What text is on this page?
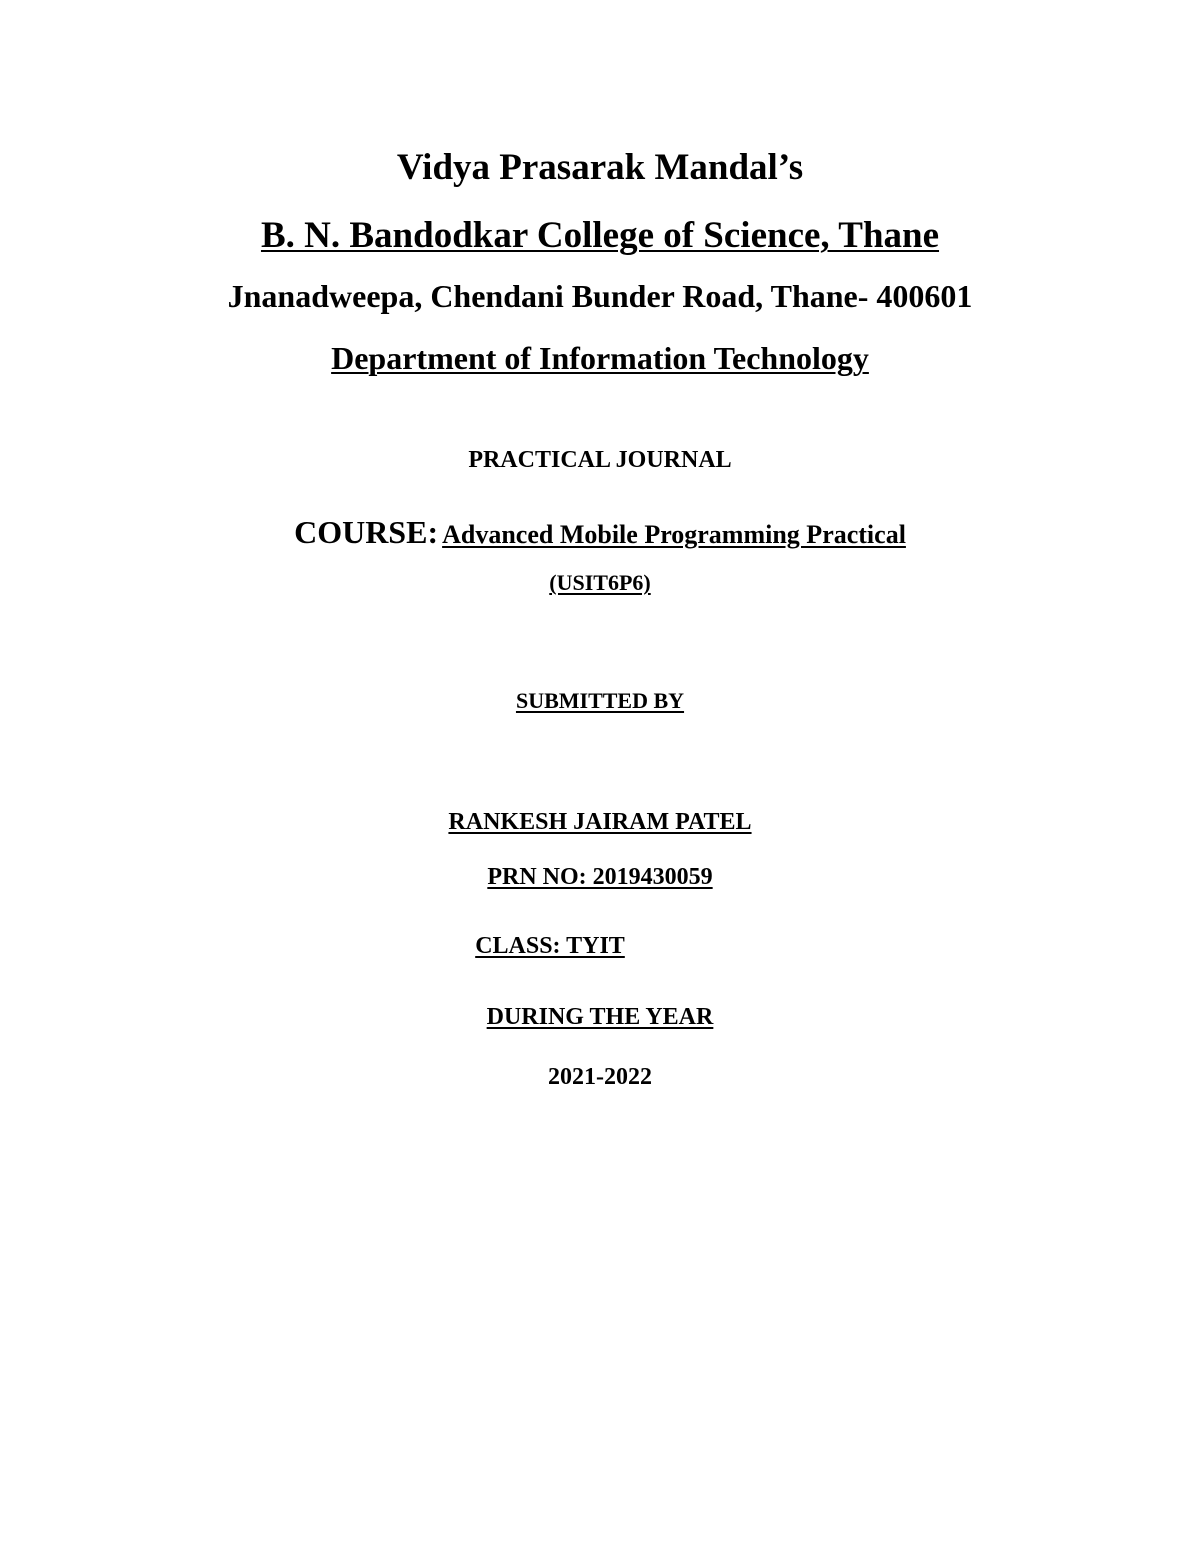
Vidya Prasarak Mandal’s
B. N. Bandodkar College of Science, Thane
Jnanadweepa, Chendani Bunder Road, Thane- 400601
Department of Information Technology
PRACTICAL JOURNAL
COURSE: Advanced Mobile Programming Practical
(USIT6P6)
SUBMITTED BY
RANKESH JAIRAM PATEL
PRN NO: 2019430059
CLASS: TYIT
DURING THE YEAR
2021-2022
